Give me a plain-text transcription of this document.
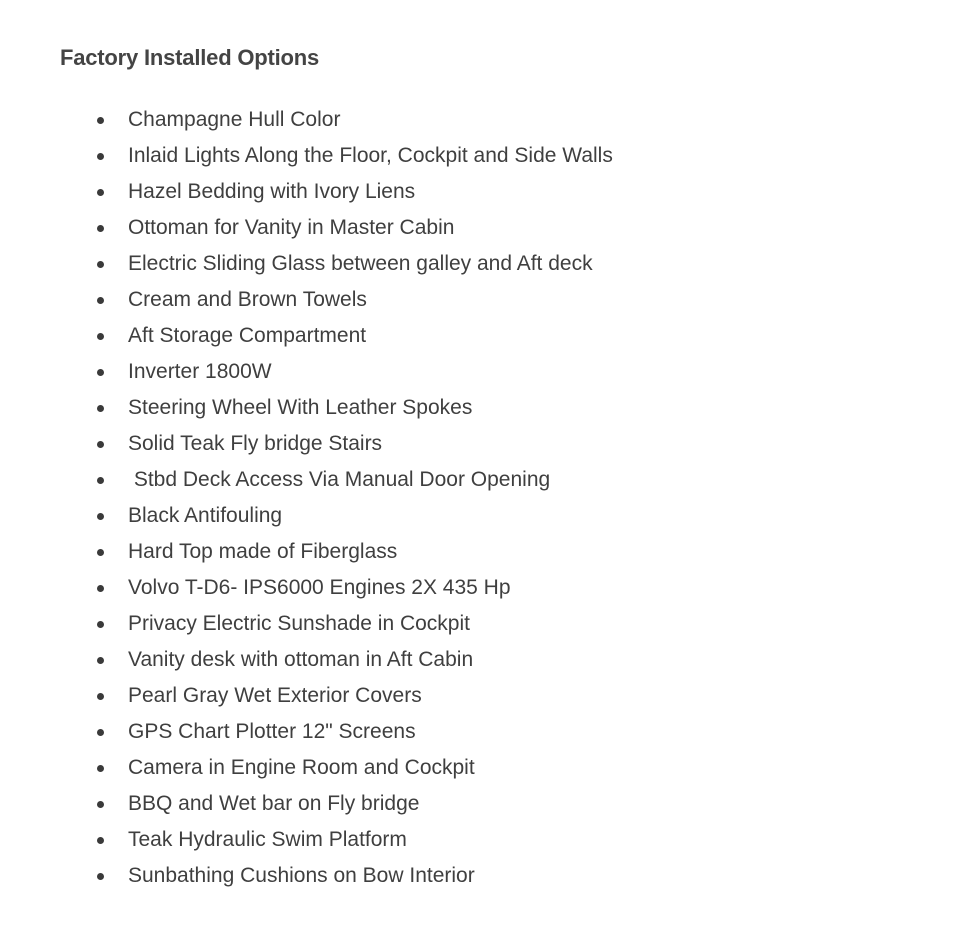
Factory Installed Options
Champagne Hull Color
Inlaid Lights Along the Floor, Cockpit and Side Walls
Hazel Bedding with Ivory Liens
Ottoman for Vanity in Master Cabin
Electric Sliding Glass between galley and Aft deck
Cream and Brown Towels
Aft Storage Compartment
Inverter 1800W
Steering Wheel With Leather Spokes
Solid Teak Fly bridge Stairs
Stbd Deck Access Via Manual Door Opening
Black Antifouling
Hard Top made of Fiberglass
Volvo T-D6- IPS6000 Engines 2X 435 Hp
Privacy Electric Sunshade in Cockpit
Vanity desk with ottoman in Aft Cabin
Pearl Gray Wet Exterior Covers
GPS Chart Plotter 12" Screens
Camera in Engine Room and Cockpit
BBQ and Wet bar on Fly bridge
Teak Hydraulic Swim Platform
Sunbathing Cushions on Bow Interior
